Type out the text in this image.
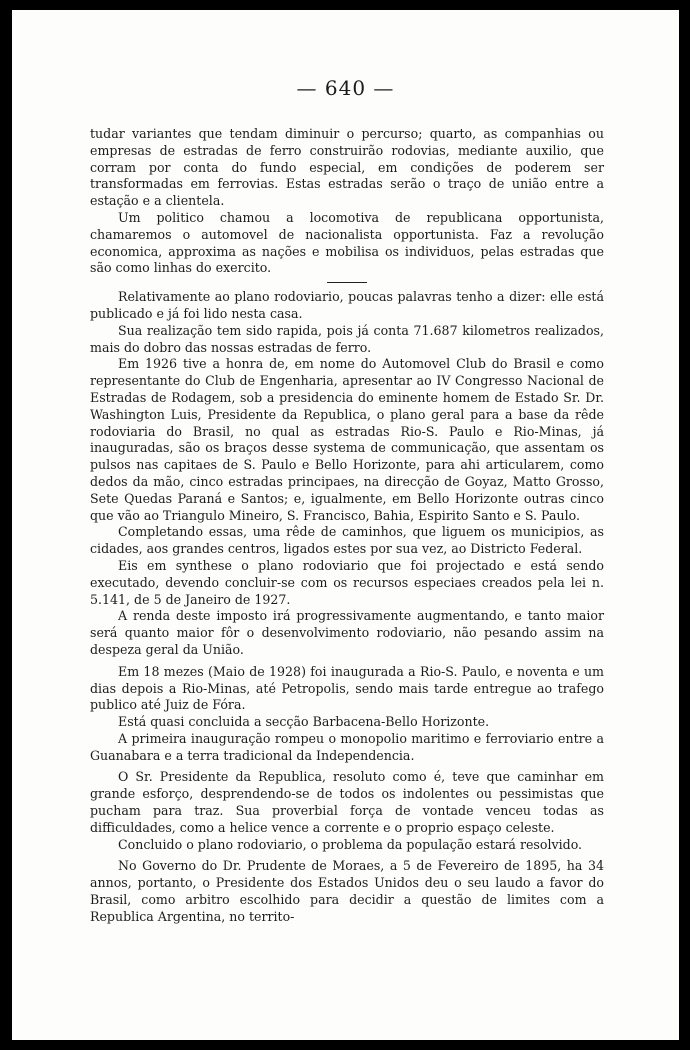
— 640 —

tudar variantes que tendam diminuir o percurso; quarto, as companhias ou empresas de estradas de ferro construirão rodovias, mediante auxilio, que corram por conta do fundo especial, em condições de poderem ser transformadas em ferrovias. Estas estradas serão o traço de união entre a estação e a clientela.

Um politico chamou a locomotiva de republicana opportunista, chamaremos o automovel de nacionalista opportunista. Faz a revolução economica, approxima as nações e mobilisa os individuos, pelas estradas que são como linhas do exercito.

Relativamente ao plano rodoviario, poucas palavras tenho a dizer: elle está publicado e já foi lido nesta casa.

Sua realização tem sido rapida, pois já conta 71.687 kilometros realizados, mais do dobro das nossas estradas de ferro.

Em 1926 tive a honra de, em nome do Automovel Club do Brasil e como representante do Club de Engenharia, apresentar ao IV Congresso Nacional de Estradas de Rodagem, sob a presidencia do eminente homem de Estado Sr. Dr. Washington Luis, Presidente da Republica, o plano geral para a base da rêde rodoviaria do Brasil, no qual as estradas Rio-S. Paulo e Rio-Minas, já inauguradas, são os braços desse systema de communicação, que assentam os pulsos nas capitaes de S. Paulo e Bello Horizonte, para ahi articularem, como dedos da mão, cinco estradas principaes, na direcção de Goyaz, Matto Grosso, Sete Quedas Paraná e Santos; e, igualmente, em Bello Horizonte outras cinco que vão ao Triangulo Mineiro, S. Francisco, Bahia, Espirito Santo e S. Paulo.

Completando essas, uma rêde de caminhos, que liguem os municipios, as cidades, aos grandes centros, ligados estes por sua vez, ao Districto Federal.

Eis em synthese o plano rodoviario que foi projectado e está sendo executado, devendo concluir-se com os recursos especiaes creados pela lei n. 5.141, de 5 de Janeiro de 1927.

A renda deste imposto irá progressivamente augmentando, e tanto maior será quanto maior fôr o desenvolvimento rodoviario, não pesando assim na despeza geral da União.

Em 18 mezes (Maio de 1928) foi inaugurada a Rio-S. Paulo, e noventa e um dias depois a Rio-Minas, até Petropolis, sendo mais tarde entregue ao trafego publico até Juiz de Fóra.

Está quasi concluida a secção Barbacena-Bello Horizonte.

A primeira inauguração rompeu o monopolio maritimo e ferroviario entre a Guanabara e a terra tradicional da Independencia.

O Sr. Presidente da Republica, resoluto como é, teve que caminhar em grande esforço, desprendendo-se de todos os indolentes ou pessimistas que pucham para traz. Sua proverbial força de vontade venceu todas as difficuldades, como a helice vence a corrente e o proprio espaço celeste.

Concluido o plano rodoviario, o problema da população estará resolvido.

No Governo do Dr. Prudente de Moraes, a 5 de Fevereiro de 1895, ha 34 annos, portanto, o Presidente dos Estados Unidos deu o seu laudo a favor do Brasil, como arbitro escolhido para decidir a questão de limites com a Republica Argentina, no territo-
